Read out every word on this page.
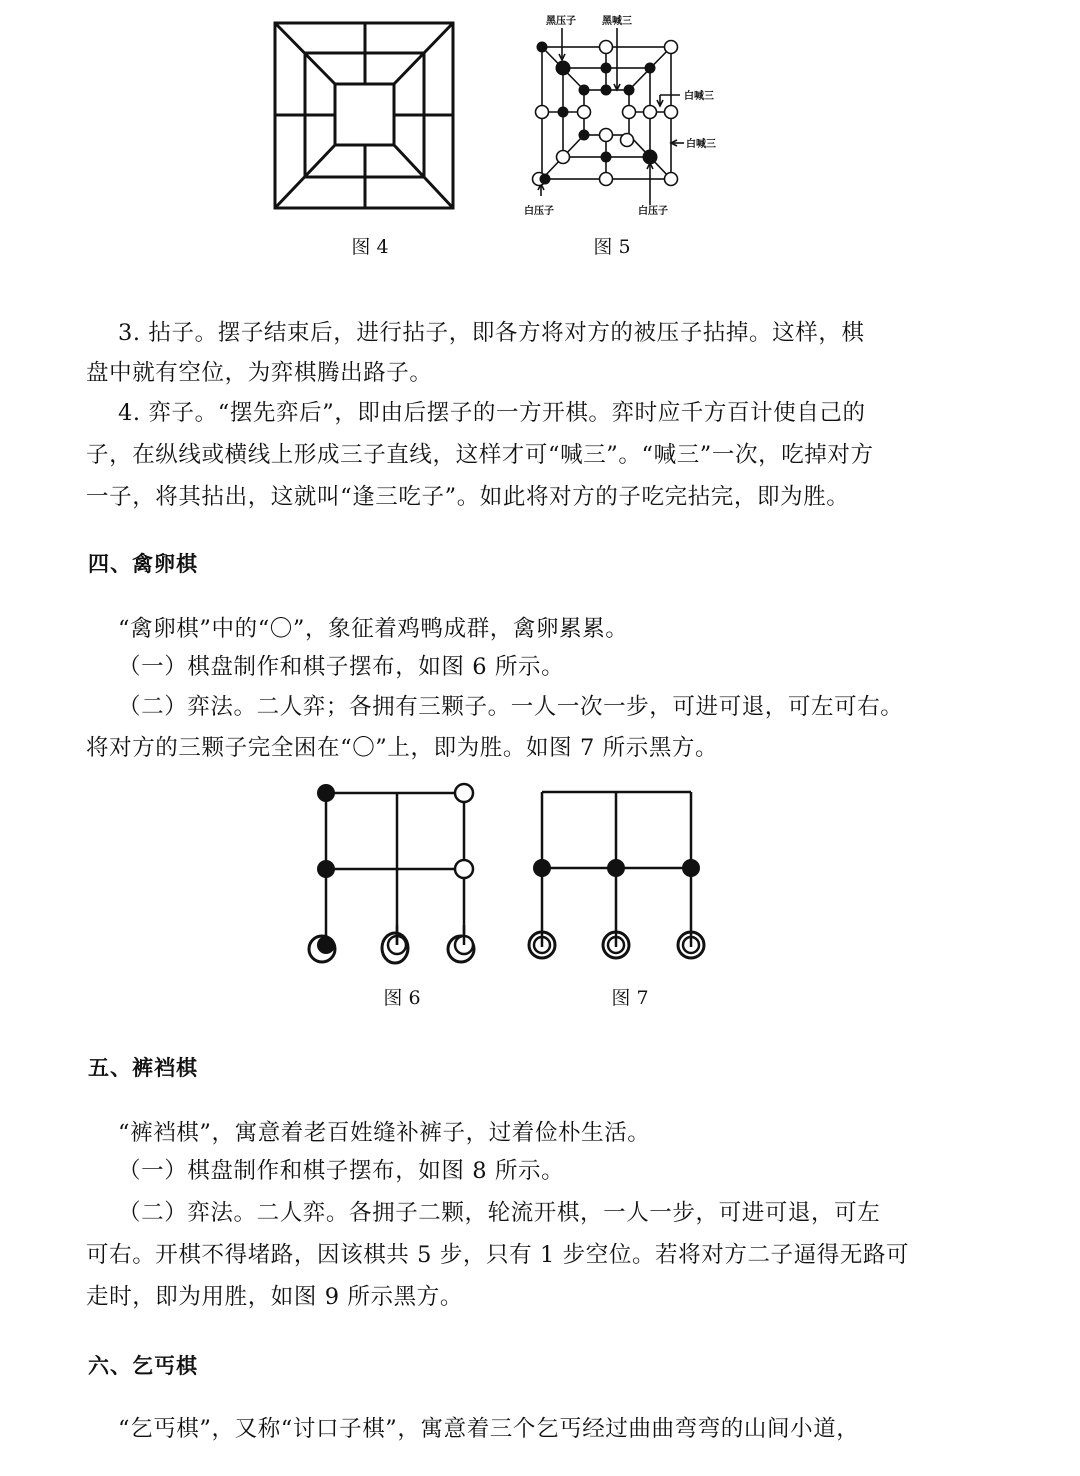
图 4
黑压子	黑喊三
白喊三
白喊三
白压子	白压子
图 5
3. 拈子。摆子结束后，进行拈子，即各方将对方的被压子拈掉。这样，棋
盘中就有空位，为弈棋腾出路子。
4. 弈子。“摆先弈后”，即由后摆子的一方开棋。弈时应千方百计使自己的
子，在纵线或横线上形成三子直线，这样才可“喊三”。“喊三”一次，吃掉对方
一子，将其拈出，这就叫“逢三吃子”。如此将对方的子吃完拈完，即为胜。
四、禽卵棋
“禽卵棋”中的“〇”，象征着鸡鸭成群，禽卵累累。
（一）棋盘制作和棋子摆布，如图 6 所示。
（二）弈法。二人弈；各拥有三颗子。一人一次一步，可进可退，可左可右。
将对方的三颗子完全困在“〇”上，即为胜。如图 7 所示黑方。
图 6	图 7
五、裤裆棋
“裤裆棋”，寓意着老百姓缝补裤子，过着俭朴生活。
（一）棋盘制作和棋子摆布，如图 8 所示。
（二）弈法。二人弈。各拥子二颗，轮流开棋，一人一步，可进可退，可左
可右。开棋不得堵路，因该棋共 5 步，只有 1 步空位。若将对方二子逼得无路可
走时，即为用胜，如图 9 所示黑方。
六、乞丐棋
“乞丐棋”，又称“讨口子棋”，寓意着三个乞丐经过曲曲弯弯的山间小道，
